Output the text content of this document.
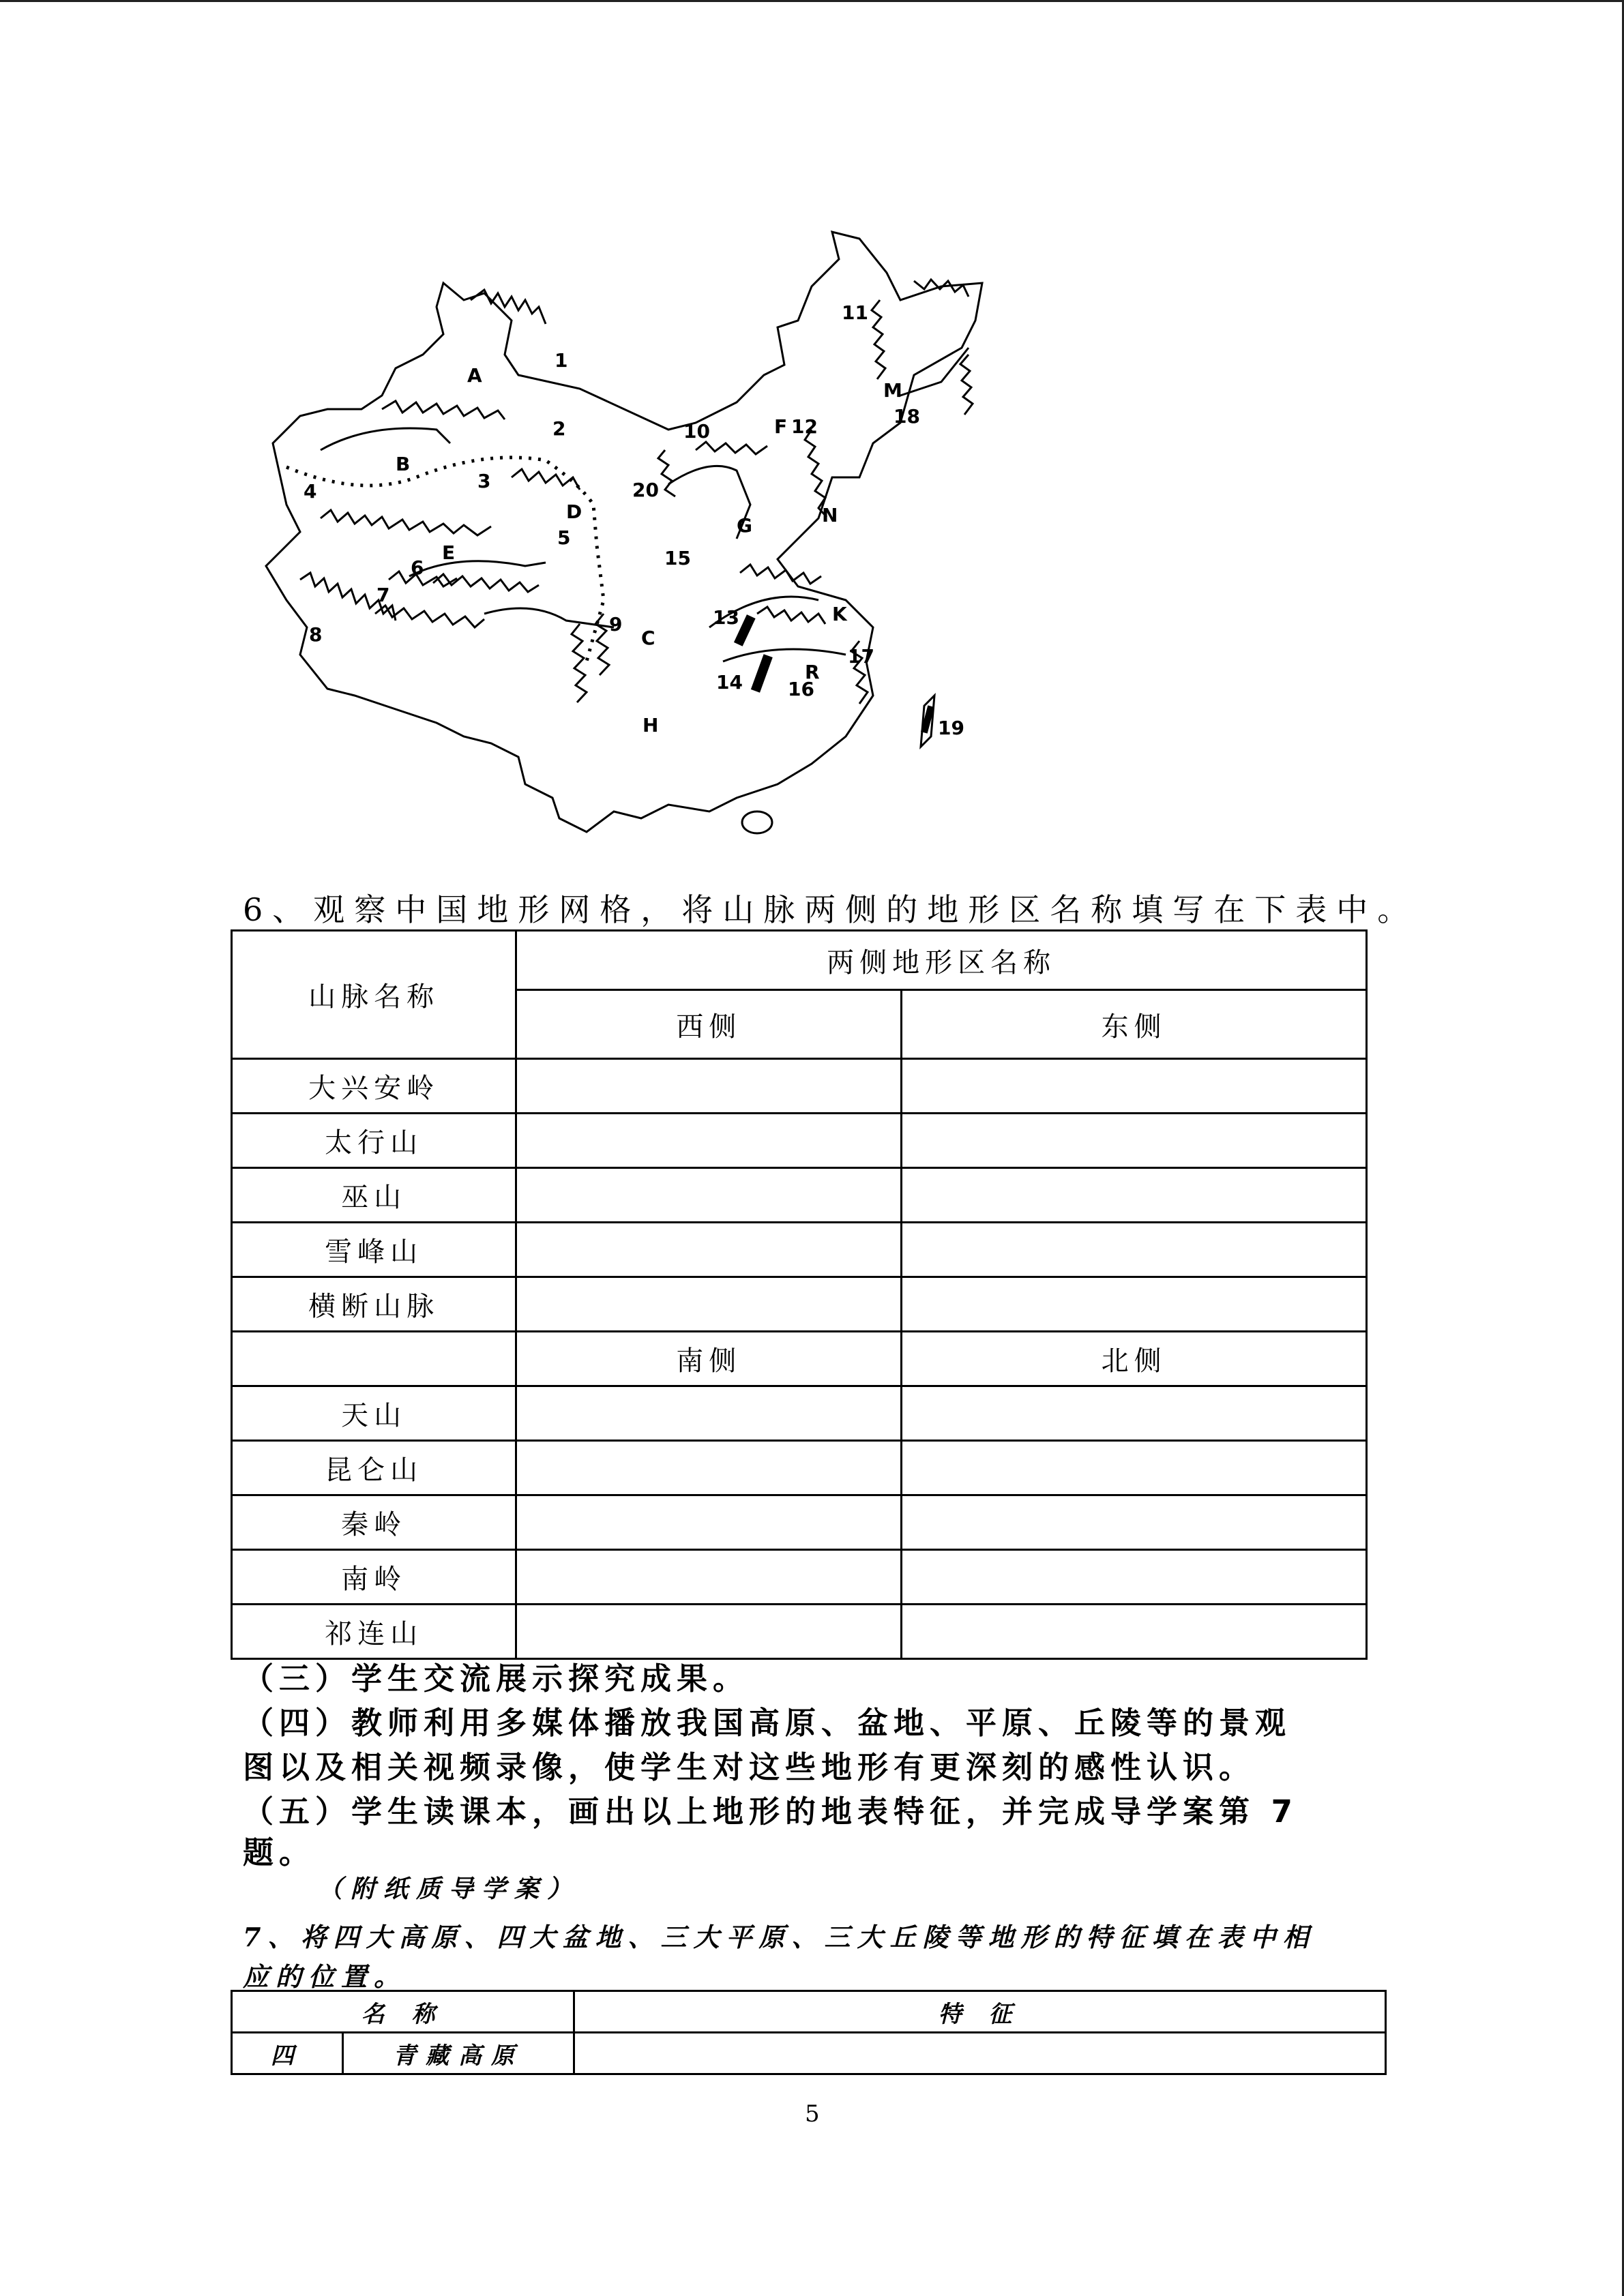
A
B
C
D
E
F
G
H
K
M
N
R
1
2
3
4
5
6
7
8	9
10
11
12
13
14
15
16
17
18
19
20
6、观察中国地形网格，将山脉两侧的地形区名称填写在下表中。
山脉名称	两侧地形区名称	
	西侧	东侧
大兴安岭		
太行山		
巫山		
雪峰山		
横断山脉		
	南侧	北侧
天山		
昆仑山		
秦岭		
南岭		
祁连山		
（三）学生交流展示探究成果。
（四）教师利用多媒体播放我国高原、盆地、平原、丘陵等的景观
图以及相关视频录像，使学生对这些地形有更深刻的感性认识。
（五）学生读课本，画出以上地形的地表特征，并完成导学案第 7
题。
（附纸质导学案）
7、将四大高原、四大盆地、三大平原、三大丘陵等地形的特征填在表中相
应的位置。
名 称		特 征
四	青藏高原	
5
